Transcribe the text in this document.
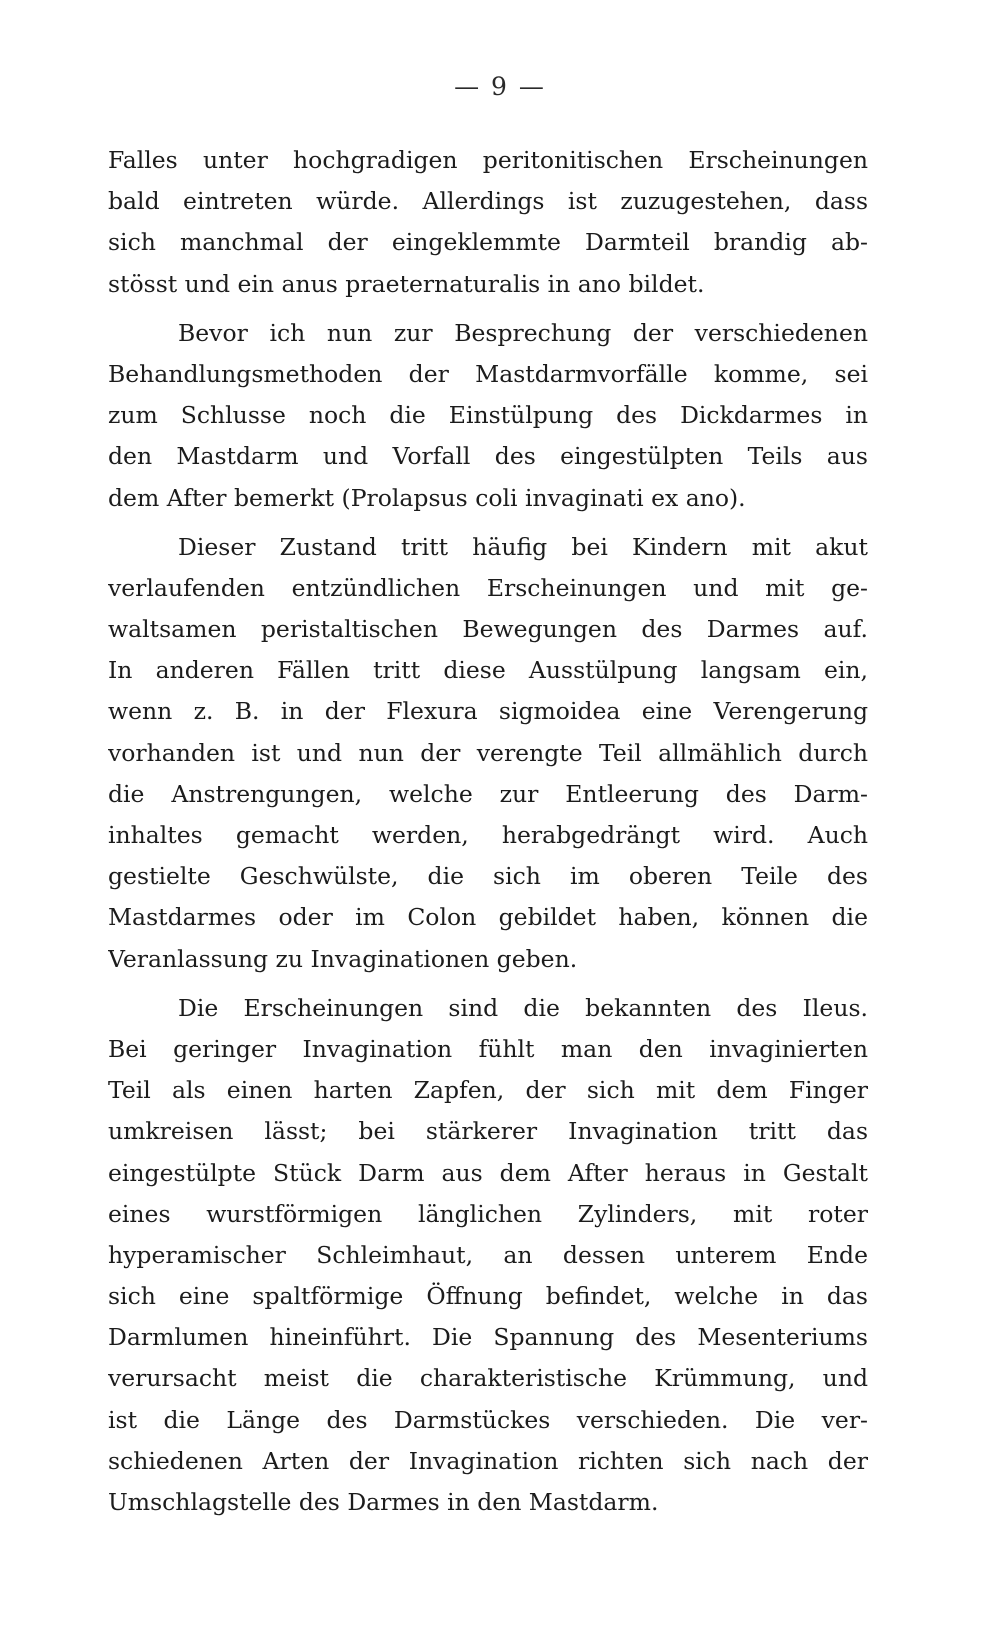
— 9 —
Falles unter hochgradigen peritonitischen Erscheinungen
bald eintreten würde. Allerdings ist zuzugestehen, dass
sich manchmal der eingeklemmte Darmteil brandig ab-
stösst und ein anus praeternaturalis in ano bildet.
Bevor ich nun zur Besprechung der verschiedenen
Behandlungsmethoden der Mastdarmvorfälle komme, sei
zum Schlusse noch die Einstülpung des Dickdarmes in
den Mastdarm und Vorfall des eingestülpten Teils aus
dem After bemerkt (Prolapsus coli invaginati ex ano).
Dieser Zustand tritt häufig bei Kindern mit akut
verlaufenden entzündlichen Erscheinungen und mit ge-
waltsamen peristaltischen Bewegungen des Darmes auf.
In anderen Fällen tritt diese Ausstülpung langsam ein,
wenn z. B. in der Flexura sigmoidea eine Verengerung
vorhanden ist und nun der verengte Teil allmählich durch
die Anstrengungen, welche zur Entleerung des Darm-
inhaltes gemacht werden, herabgedrängt wird. Auch
gestielte Geschwülste, die sich im oberen Teile des
Mastdarmes oder im Colon gebildet haben, können die
Veranlassung zu Invaginationen geben.
Die Erscheinungen sind die bekannten des Ileus.
Bei geringer Invagination fühlt man den invaginierten
Teil als einen harten Zapfen, der sich mit dem Finger
umkreisen lässt; bei stärkerer Invagination tritt das
eingestülpte Stück Darm aus dem After heraus in Gestalt
eines wurstförmigen länglichen Zylinders, mit roter
hyperamischer Schleimhaut, an dessen unterem Ende
sich eine spaltförmige Öffnung befindet, welche in das
Darmlumen hineinführt. Die Spannung des Mesenteriums
verursacht meist die charakteristische Krümmung, und
ist die Länge des Darmstückes verschieden. Die ver-
schiedenen Arten der Invagination richten sich nach der
Umschlagstelle des Darmes in den Mastdarm.
